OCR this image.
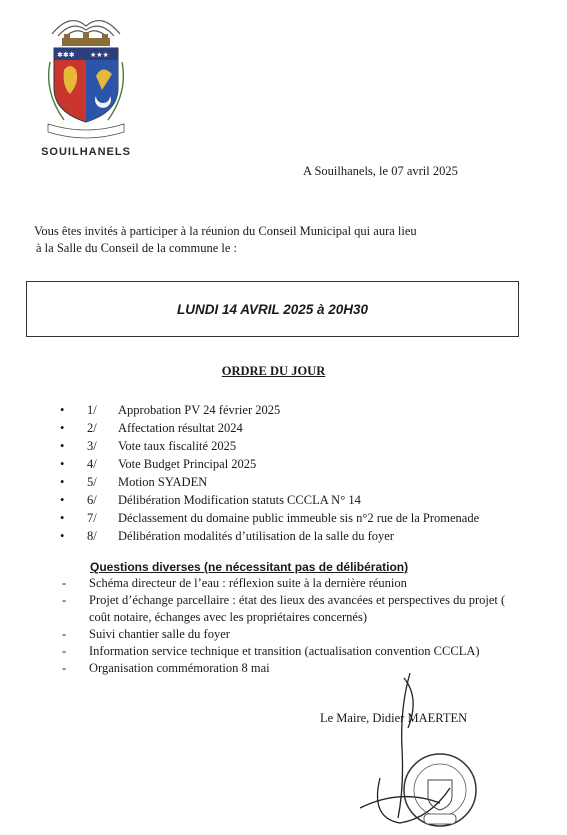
✱✱✱ ★★★
SOUILHANELS
A Souilhanels, le 07 avril 2025
Vous êtes invités à participer à la réunion du Conseil Municipal qui aura lieu
à la Salle du Conseil de la commune le :
LUNDI 14 AVRIL 2025 à 20H30
ORDRE DU JOUR
•	1/	Approbation PV 24 février 2025
•	2/	Affectation résultat 2024
•	3/	Vote taux fiscalité 2025
•	4/	Vote Budget Principal 2025
•	5/	Motion SYADEN
•	6/	Délibération Modification statuts CCCLA N° 14
•	7/	Déclassement du domaine public immeuble sis n°2 rue de la Promenade
•	8/	Délibération modalités d’utilisation de la salle du foyer
Questions diverses (ne nécessitant pas de délibération)
-	Schéma directeur de l’eau : réflexion suite à la dernière réunion
-	Projet d’échange parcellaire : état des lieux des avancées et perspectives du projet ( coût notaire, échanges avec les propriétaires concernés)
-	Suivi chantier salle du foyer
-	Information service technique et transition (actualisation convention CCCLA)
-	Organisation commémoration 8 mai
Le Maire, Didier MAERTEN
